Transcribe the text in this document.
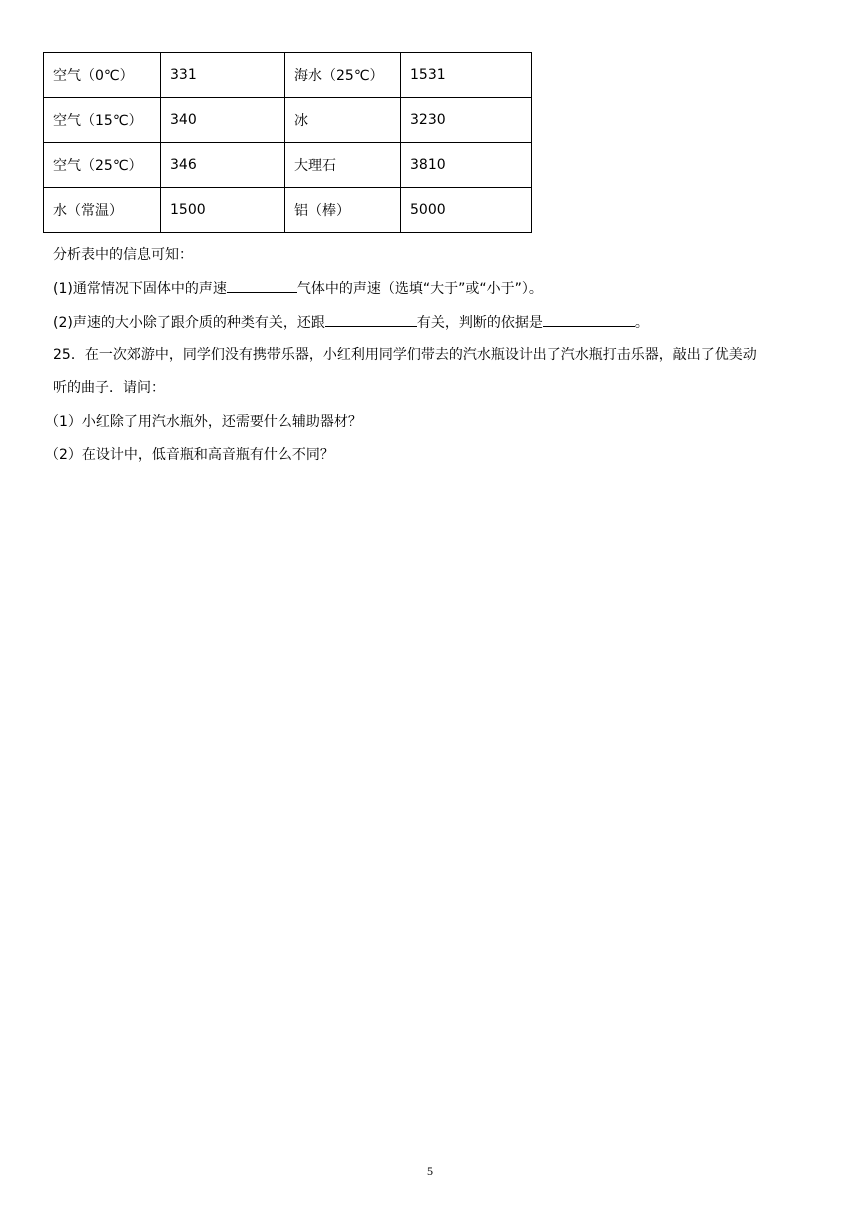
空气（0℃）	331	海水（25℃）	1531
空气（15℃）	340	冰	3230
空气（25℃）	346	大理石	3810
水（常温）	1500	铝（棒）	5000
分析表中的信息可知：
(1)通常情况下固体中的声速	气体中的声速（选填“大于”或“小于”）。
(2)声速的大小除了跟介质的种类有关，还跟	有关，判断的依据是	。
25．在一次郊游中，同学们没有携带乐器，小红利用同学们带去的汽水瓶设计出了汽水瓶打击乐器，敲出了优美动
听的曲子．请问：
（1）小红除了用汽水瓶外，还需要什么辅助器材？
（2）在设计中，低音瓶和高音瓶有什么不同？
5
